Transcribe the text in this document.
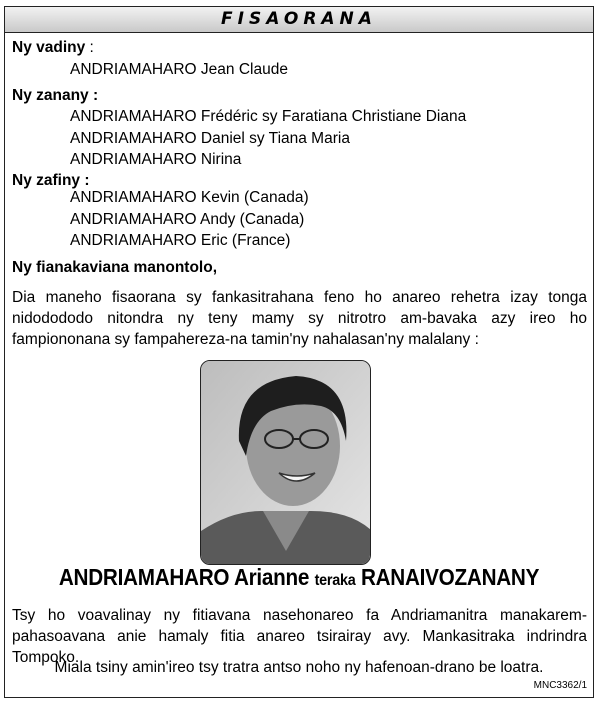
FISAORANA
Ny vadiny :
ANDRIAMAHARO Jean Claude
Ny zanany :
ANDRIAMAHARO Frédéric sy Faratiana Christiane Diana
ANDRIAMAHARO Daniel sy Tiana Maria
ANDRIAMAHARO Nirina
Ny zafiny :
ANDRIAMAHARO Kevin (Canada)
ANDRIAMAHARO Andy (Canada)
ANDRIAMAHARO Eric (France)
Ny fianakaviana manontolo,
Dia maneho fisaorana sy fankasitrahana feno ho anareo rehetra izay tonga nidodododo nitondra ny teny mamy sy nitrotro am-bavaka azy ireo ho fampiononana sy fampahereza-na tamin'ny nahalasan'ny malalany :
ANDRIAMAHARO Arianne teraka RANAIVOZANANY
Tsy ho voavalinay ny fitiavana nasehonareo fa Andriamanitra manakarem-pahasoavana anie hamaly fitia anareo tsirairay avy. Mankasitraka indrindra Tompoko.
Miala tsiny amin'ireo tsy tratra antso noho ny hafenoan-drano be loatra.
MNC3362/1
